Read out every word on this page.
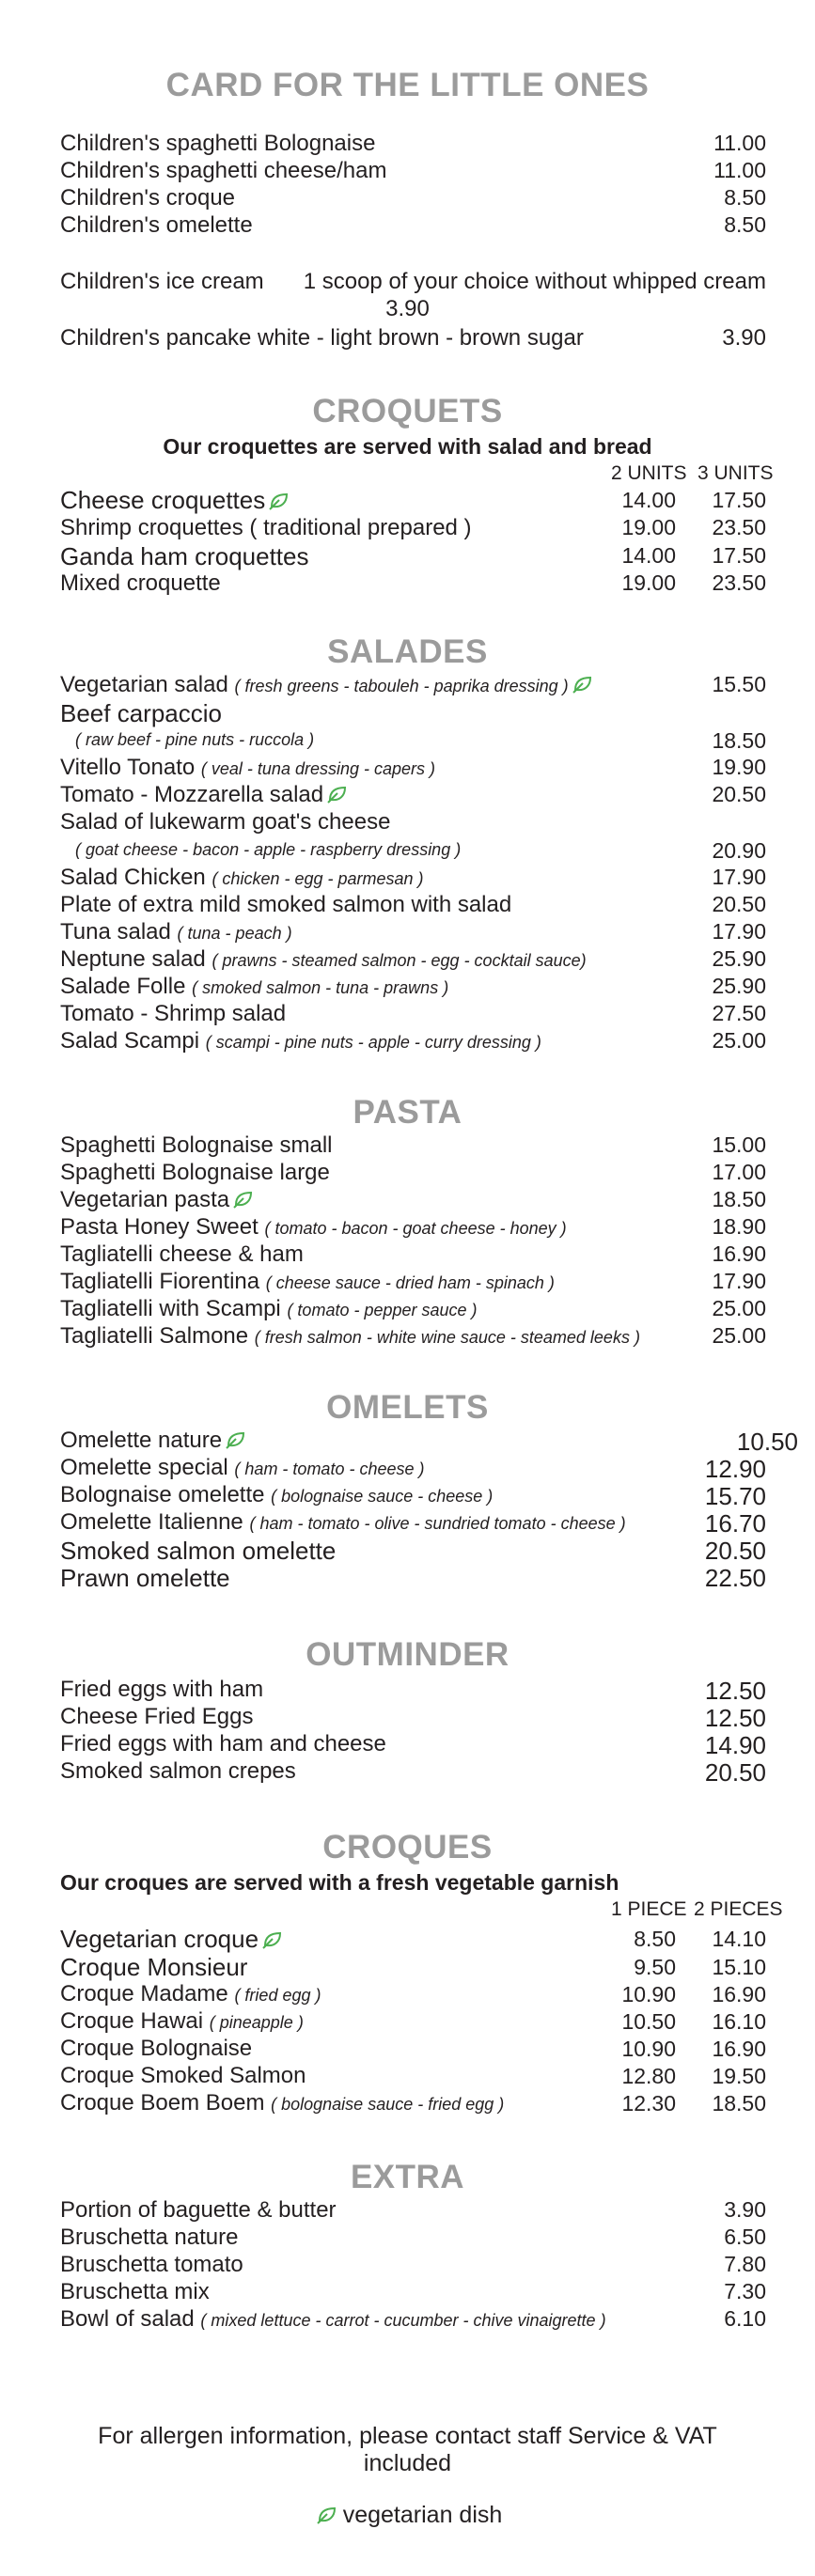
CARD FOR THE LITTLE ONES
Children's spaghetti Bolognaise	11.00
Children's spaghetti cheese/ham	11.00
Children's croque	8.50
Children's omelette	8.50
Children's ice cream 1 scoop of your choice without whipped cream
3.90
Children's pancake white - light brown - brown sugar	3.90
CROQUETS
Our croquettes are served with salad and bread
2 UNITS 3 UNITS
Cheese croquettes	14.00 17.50
Shrimp croquettes ( traditional prepared )	19.00 23.50
Ganda ham croquettes	14.00 17.50
Mixed croquette	19.00 23.50
SALADES
Vegetarian salad ( fresh greens - tabouleh - paprika dressing )	15.50
Beef carpaccio
( raw beef - pine nuts - ruccola )	18.50
Vitello Tonato ( veal - tuna dressing - capers )	19.90
Tomato - Mozzarella salad	20.50
Salad of lukewarm goat's cheese
( goat cheese - bacon - apple - raspberry dressing )	20.90
Salad Chicken ( chicken - egg - parmesan )	17.90
Plate of extra mild smoked salmon with salad	20.50
Tuna salad ( tuna - peach )	17.90
Neptune salad ( prawns - steamed salmon - egg - cocktail sauce)	25.90
Salade Folle ( smoked salmon - tuna - prawns )	25.90
Tomato - Shrimp salad	27.50
Salad Scampi ( scampi - pine nuts - apple - curry dressing )	25.00
PASTA
Spaghetti Bolognaise small	15.00
Spaghetti Bolognaise large	17.00
Vegetarian pasta	18.50
Pasta Honey Sweet ( tomato - bacon - goat cheese - honey )	18.90
Tagliatelli cheese & ham	16.90
Tagliatelli Fiorentina ( cheese sauce - dried ham - spinach )	17.90
Tagliatelli with Scampi ( tomato - pepper sauce )	25.00
Tagliatelli Salmone ( fresh salmon - white wine sauce - steamed leeks )	25.00
OMELETS
Omelette nature	10.50
Omelette special ( ham - tomato - cheese )	12.90
Bolognaise omelette ( bolognaise sauce - cheese )	15.70
Omelette Italienne ( ham - tomato - olive - sundried tomato - cheese )	16.70
Smoked salmon omelette	20.50
Prawn omelette	22.50
OUTMINDER
Fried eggs with ham	12.50
Cheese Fried Eggs	12.50
Fried eggs with ham and cheese	14.90
Smoked salmon crepes	20.50
CROQUES
Our croques are served with a fresh vegetable garnish
1 PIECE 2 PIECES
Vegetarian croque	8.50 14.10
Croque Monsieur	9.50 15.10
Croque Madame ( fried egg )	10.90 16.90
Croque Hawai ( pineapple )	10.50 16.10
Croque Bolognaise	10.90 16.90
Croque Smoked Salmon	12.80 19.50
Croque Boem Boem ( bolognaise sauce - fried egg )	12.30 18.50
EXTRA
Portion of baguette & butter	3.90
Bruschetta nature	6.50
Bruschetta tomato	7.80
Bruschetta mix	7.30
Bowl of salad ( mixed lettuce - carrot - cucumber - chive vinaigrette )	6.10
For allergen information, please contact staff Service & VAT
included
vegetarian dish
